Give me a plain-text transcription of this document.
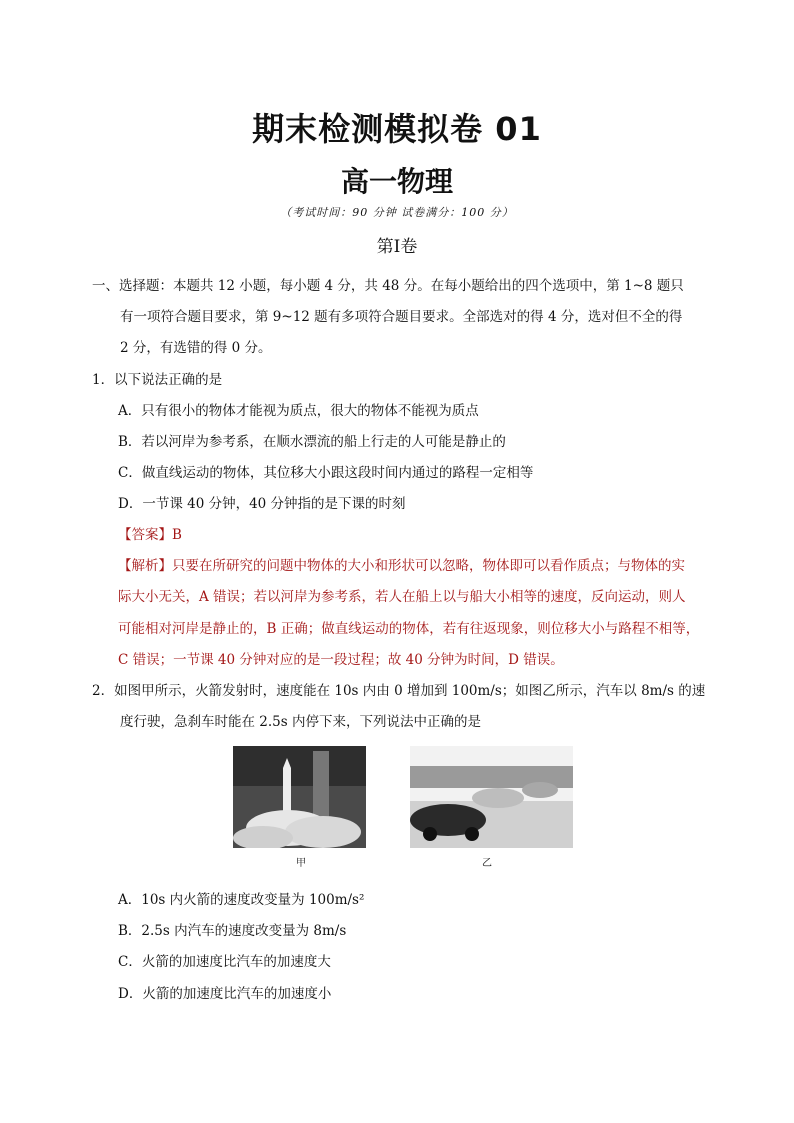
期末检测模拟卷 01
高一物理
（考试时间：90 分钟 试卷满分：100 分）
第Ⅰ卷
一、选择题：本题共 12 小题，每小题 4 分，共 48 分。在每小题给出的四个选项中，第 1~8 题只
有一项符合题目要求，第 9~12 题有多项符合题目要求。全部选对的得 4 分，选对但不全的得
2 分，有选错的得 0 分。
1．以下说法正确的是
A．只有很小的物体才能视为质点，很大的物体不能视为质点
B．若以河岸为参考系，在顺水漂流的船上行走的人可能是静止的
C．做直线运动的物体，其位移大小跟这段时间内通过的路程一定相等
D．一节课 40 分钟，40 分钟指的是下课的时刻
【答案】B
【解析】只要在所研究的问题中物体的大小和形状可以忽略，物体即可以看作质点；与物体的实
际大小无关，A 错误；若以河岸为参考系，若人在船上以与船大小相等的速度，反向运动，则人
可能相对河岸是静止的，B 正确；做直线运动的物体，若有往返现象，则位移大小与路程不相等，
C 错误；一节课 40 分钟对应的是一段过程；故 40 分钟为时间，D 错误。
2．如图甲所示，火箭发射时，速度能在 10s 内由 0 增加到 100m/s；如图乙所示，汽车以 8m/s 的速
度行驶，急刹车时能在 2.5s 内停下来，下列说法中正确的是
甲	乙
A．10s 内火箭的速度改变量为 100m/s²
B．2.5s 内汽车的速度改变量为 8m/s
C．火箭的加速度比汽车的加速度大
D．火箭的加速度比汽车的加速度小
